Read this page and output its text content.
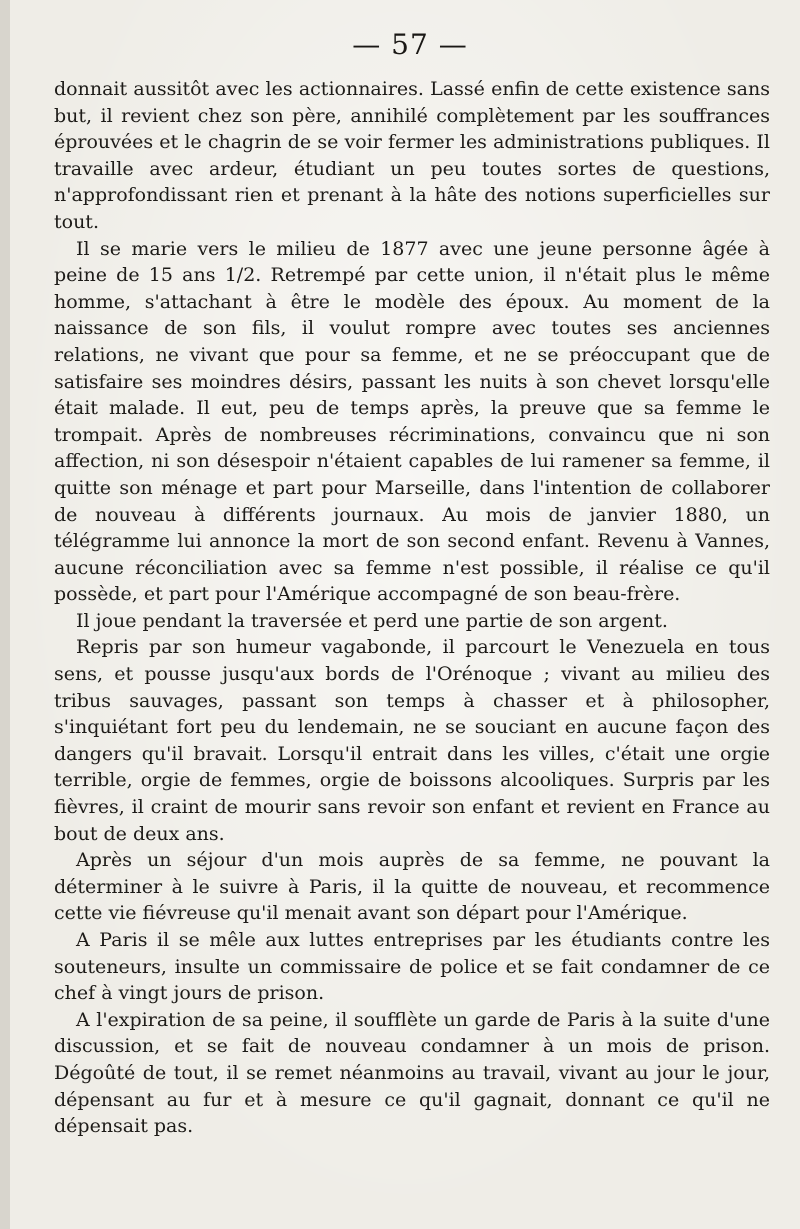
— 57 —

donnait aussitôt avec les actionnaires. Lassé enfin de cette existence sans but, il revient chez son père, annihilé complètement par les souffrances éprouvées et le chagrin de se voir fermer les administrations publiques. Il travaille avec ardeur, étudiant un peu toutes sortes de questions, n'approfondissant rien et prenant à la hâte des notions superficielles sur tout.

Il se marie vers le milieu de 1877 avec une jeune personne âgée à peine de 15 ans 1/2. Retrempé par cette union, il n'était plus le même homme, s'attachant à être le modèle des époux. Au moment de la naissance de son fils, il voulut rompre avec toutes ses anciennes relations, ne vivant que pour sa femme, et ne se préoccupant que de satisfaire ses moindres désirs, passant les nuits à son chevet lorsqu'elle était malade. Il eut, peu de temps après, la preuve que sa femme le trompait. Après de nombreuses récriminations, convaincu que ni son affection, ni son désespoir n'étaient capables de lui ramener sa femme, il quitte son ménage et part pour Marseille, dans l'intention de collaborer de nouveau à différents journaux. Au mois de janvier 1880, un télégramme lui annonce la mort de son second enfant. Revenu à Vannes, aucune réconciliation avec sa femme n'est possible, il réalise ce qu'il possède, et part pour l'Amérique accompagné de son beau-frère.

Il joue pendant la traversée et perd une partie de son argent.

Repris par son humeur vagabonde, il parcourt le Venezuela en tous sens, et pousse jusqu'aux bords de l'Orénoque ; vivant au milieu des tribus sauvages, passant son temps à chasser et à philosopher, s'inquiétant fort peu du lendemain, ne se souciant en aucune façon des dangers qu'il bravait. Lorsqu'il entrait dans les villes, c'était une orgie terrible, orgie de femmes, orgie de boissons alcooliques. Surpris par les fièvres, il craint de mourir sans revoir son enfant et revient en France au bout de deux ans.

Après un séjour d'un mois auprès de sa femme, ne pouvant la déterminer à le suivre à Paris, il la quitte de nouveau, et recommence cette vie fiévreuse qu'il menait avant son départ pour l'Amérique.

A Paris il se mêle aux luttes entreprises par les étudiants contre les souteneurs, insulte un commissaire de police et se fait condamner de ce chef à vingt jours de prison.

A l'expiration de sa peine, il soufflète un garde de Paris à la suite d'une discussion, et se fait de nouveau condamner à un mois de prison. Dégoûté de tout, il se remet néanmoins au travail, vivant au jour le jour, dépensant au fur et à mesure ce qu'il gagnait, donnant ce qu'il ne dépensait pas.
